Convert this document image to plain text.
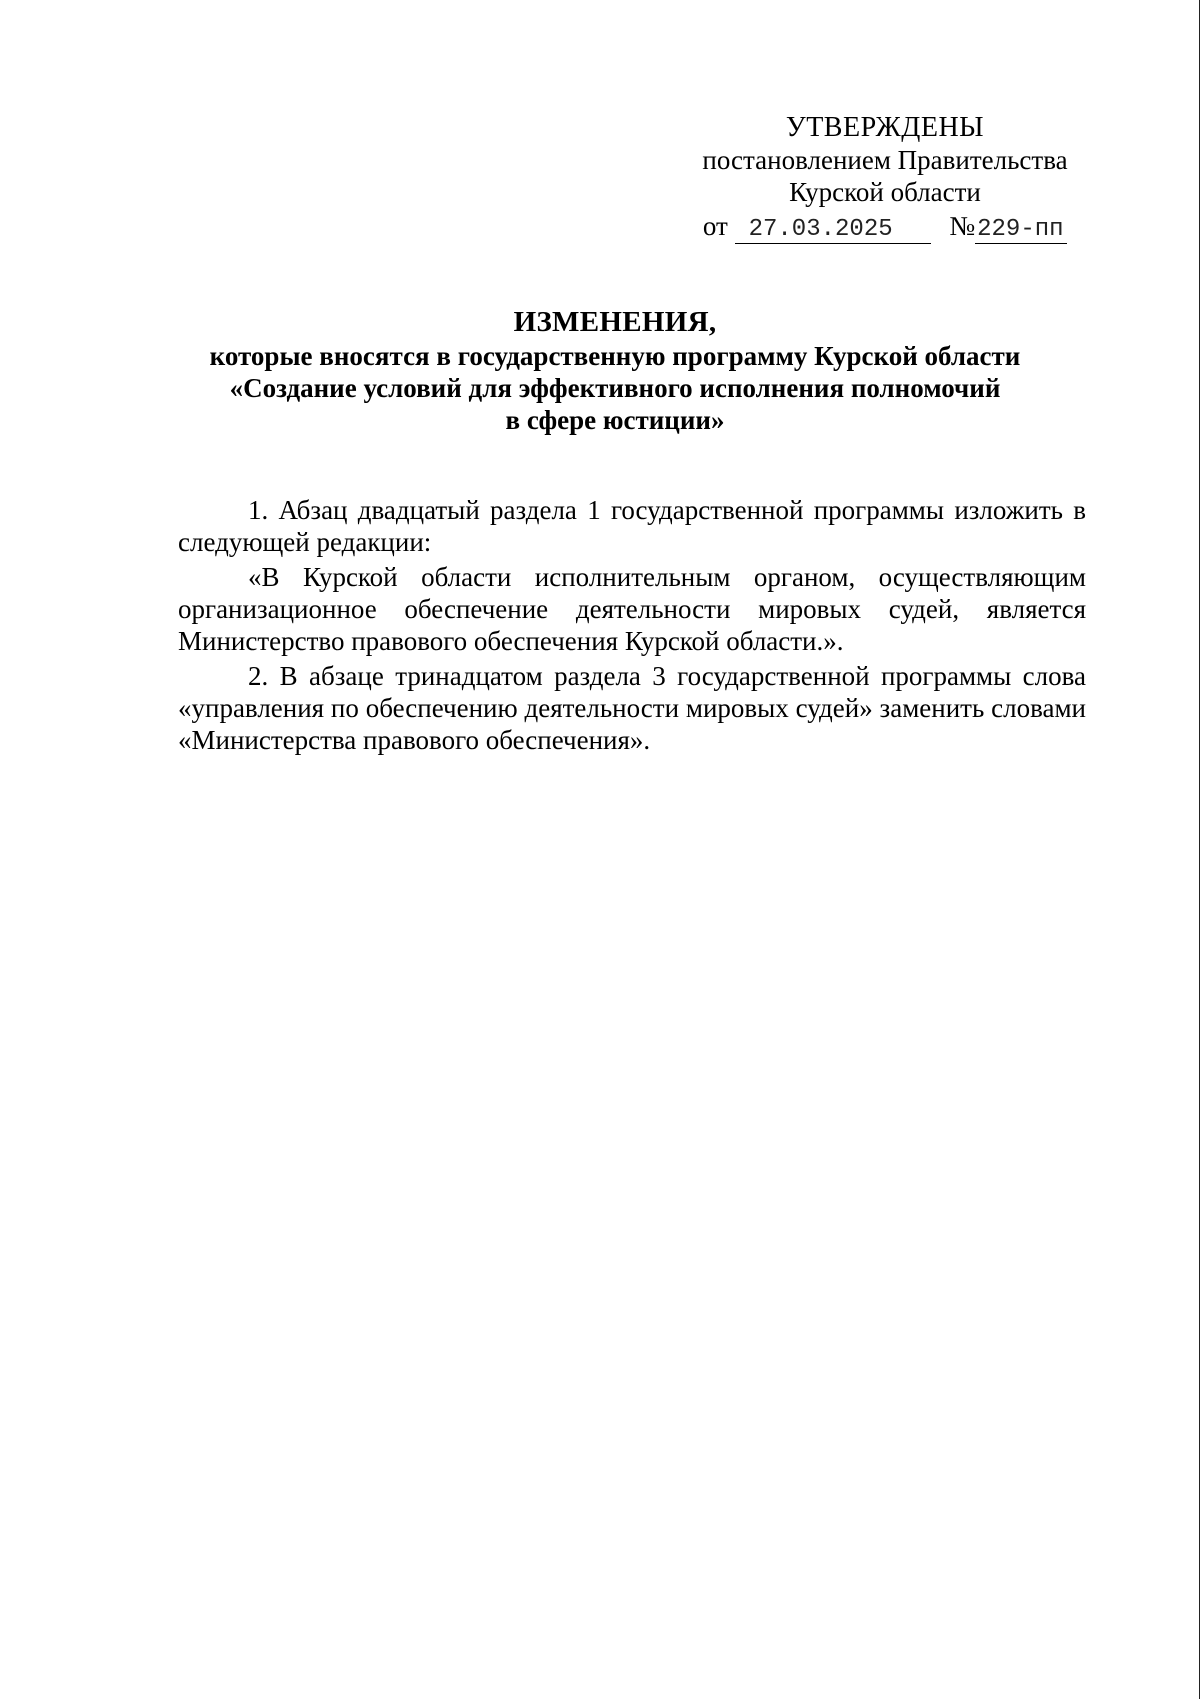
УТВЕРЖДЕНЫ
постановлением Правительства
Курской области
от 27.03.2025 №229-пп
ИЗМЕНЕНИЯ,
которые вносятся в государственную программу Курской области
«Создание условий для эффективного исполнения полномочий
в сфере юстиции»

1. Абзац двадцатый раздела 1 государственной программы изложить в следующей редакции:

«В Курской области исполнительным органом, осуществляющим организационное обеспечение деятельности мировых судей, является Министерство правового обеспечения Курской области.».

2. В абзаце тринадцатом раздела 3 государственной программы слова «управления по обеспечению деятельности мировых судей» заменить словами «Министерства правового обеспечения».
